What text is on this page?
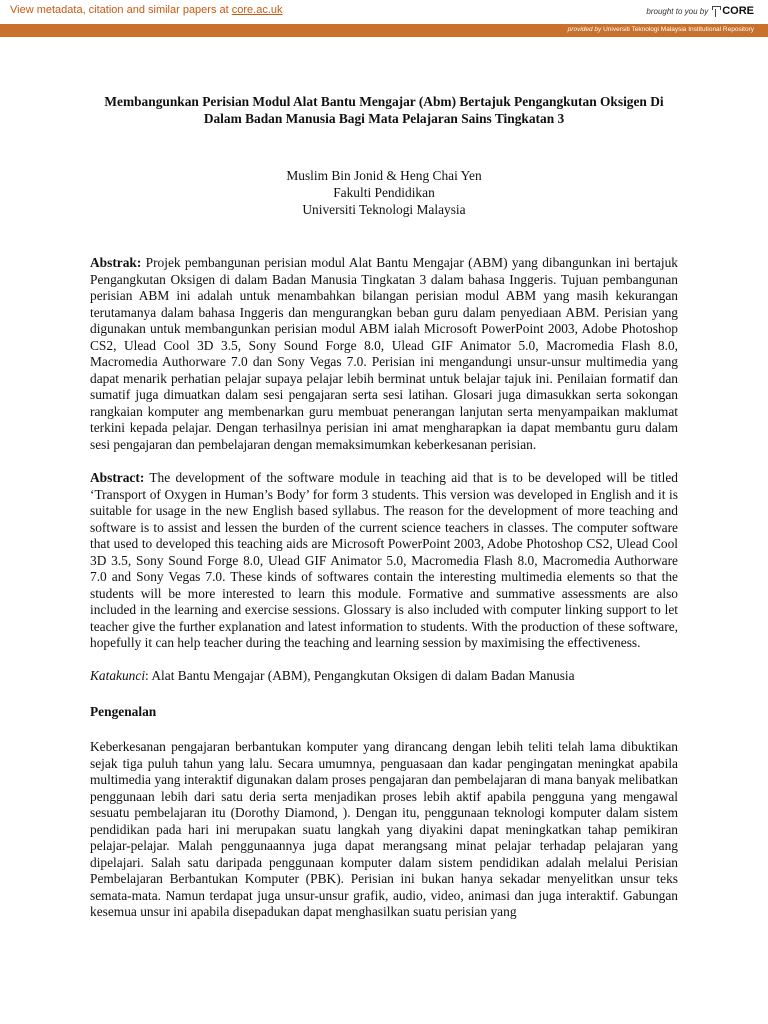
View metadata, citation and similar papers at core.ac.uk	brought to you by CORE
provided by Universiti Teknologi Malaysia Institutional Repository
Membangunkan Perisian Modul Alat Bantu Mengajar (Abm) Bertajuk Pengangkutan Oksigen Di
Dalam Badan Manusia Bagi Mata Pelajaran Sains Tingkatan 3
Muslim Bin Jonid & Heng Chai Yen
Fakulti Pendidikan
Universiti Teknologi Malaysia

Abstrak: Projek pembangunan perisian modul Alat Bantu Mengajar (ABM) yang dibangunkan ini bertajuk Pengangkutan Oksigen di dalam Badan Manusia Tingkatan 3 dalam bahasa Inggeris. Tujuan pembangunan perisian ABM ini adalah untuk menambahkan bilangan perisian modul ABM yang masih kekurangan terutamanya dalam bahasa Inggeris dan mengurangkan beban guru dalam penyediaan ABM. Perisian yang digunakan untuk membangunkan perisian modul ABM ialah Microsoft PowerPoint 2003, Adobe Photoshop CS2, Ulead Cool 3D 3.5, Sony Sound Forge 8.0, Ulead GIF Animator 5.0, Macromedia Flash 8.0, Macromedia Authorware 7.0 dan Sony Vegas 7.0. Perisian ini mengandungi unsur-unsur multimedia yang dapat menarik perhatian pelajar supaya pelajar lebih berminat untuk belajar tajuk ini. Penilaian formatif dan sumatif juga dimuatkan dalam sesi pengajaran serta sesi latihan. Glosari juga dimasukkan serta sokongan rangkaian komputer ang membenarkan guru membuat penerangan lanjutan serta menyampaikan maklumat terkini kepada pelajar. Dengan terhasilnya perisian ini amat mengharapkan ia dapat membantu guru dalam sesi pengajaran dan pembelajaran dengan memaksimumkan keberkesanan perisian.

Abstract: The development of the software module in teaching aid that is to be developed will be titled ‘Transport of Oxygen in Human’s Body’ for form 3 students. This version was developed in English and it is suitable for usage in the new English based syllabus. The reason for the development of more teaching and software is to assist and lessen the burden of the current science teachers in classes. The computer software that used to developed this teaching aids are Microsoft PowerPoint 2003, Adobe Photoshop CS2, Ulead Cool 3D 3.5, Sony Sound Forge 8.0, Ulead GIF Animator 5.0, Macromedia Flash 8.0, Macromedia Authorware 7.0 and Sony Vegas 7.0. These kinds of softwares contain the interesting multimedia elements so that the students will be more interested to learn this module. Formative and summative assessments are also included in the learning and exercise sessions. Glossary is also included with computer linking support to let teacher give the further explanation and latest information to students. With the production of these software, hopefully it can help teacher during the teaching and learning session by maximising the effectiveness.

Katakunci: Alat Bantu Mengajar (ABM), Pengangkutan Oksigen di dalam Badan Manusia

Pengenalan

Keberkesanan pengajaran berbantukan komputer yang dirancang dengan lebih teliti telah lama dibuktikan sejak tiga puluh tahun yang lalu. Secara umumnya, penguasaan dan kadar pengingatan meningkat apabila multimedia yang interaktif digunakan dalam proses pengajaran dan pembelajaran di mana banyak melibatkan penggunaan lebih dari satu deria serta menjadikan proses lebih aktif apabila pengguna yang mengawal sesuatu pembelajaran itu (Dorothy Diamond, ). Dengan itu, penggunaan teknologi komputer dalam sistem pendidikan pada hari ini merupakan suatu langkah yang diyakini dapat meningkatkan tahap pemikiran pelajar-pelajar. Malah penggunaannya juga dapat merangsang minat pelajar terhadap pelajaran yang dipelajari. Salah satu daripada penggunaan komputer dalam sistem pendidikan adalah melalui Perisian Pembelajaran Berbantukan Komputer (PBK). Perisian ini bukan hanya sekadar menyelitkan unsur teks semata-mata. Namun terdapat juga unsur-unsur grafik, audio, video, animasi dan juga interaktif. Gabungan kesemua unsur ini apabila disepadukan dapat menghasilkan suatu perisian yang
